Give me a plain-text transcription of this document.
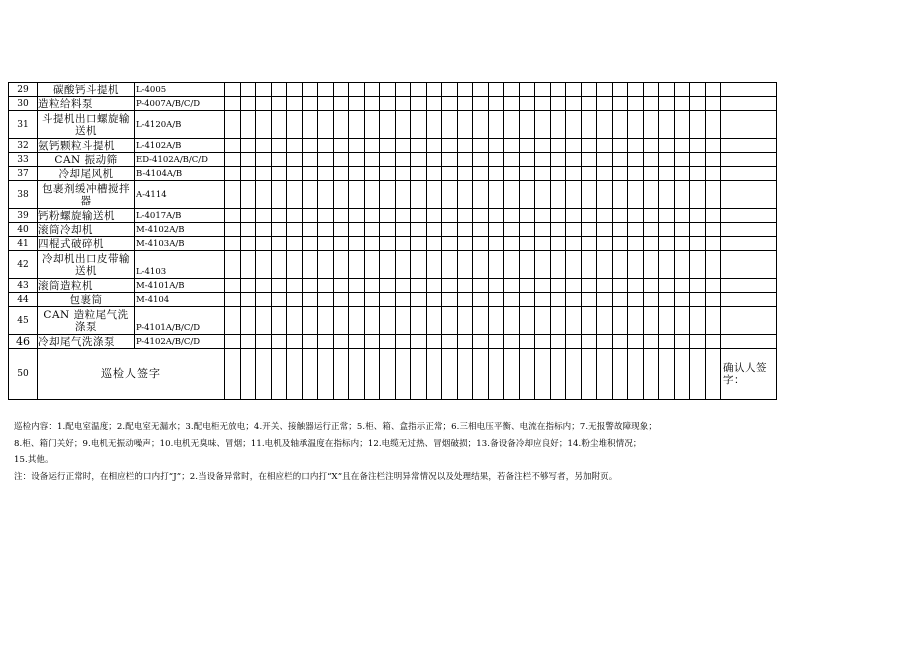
29	碳酸钙斗提机	L-4005																																	
30	造粒给料泵	P-4007A/B/C/D																																	
31	斗提机出口螺旋输送机	L-4120A/B																																	
32	氨钙颗粒斗提机	L-4102A/B																																	
33	CAN 振动筛	ED-4102A/B/C/D																																	
37	冷却尾风机	B-4104A/B																																	
38	包裹剂缓冲槽搅拌器	A-4114																																	
39	钙粉螺旋输送机	L-4017A/B																																	
40	滚筒冷却机	M-4102A/B																																	
41	四棍式破碎机	M-4103A/B																																	
42	冷却机出口皮带输送机	L-4103																																	
43	滚筒造粒机	M-4101A/B																																	
44	包裹筒	M-4104																																	
45	CAN 造粒尾气洗涤泵	P-4101A/B/C/D																																	
46	冷却尾气洗涤泵	P-4102A/B/C/D																																	
50	巡检人签字																																		确认人签字：
巡检内容：1.配电室温度；2.配电室无漏水；3.配电柜无放电；4.开关、接触器运行正常；5.柜、箱、盒指示正常；6.三相电压平衡、电流在指标内；7.无报警故障现象；
8.柜、箱门关好；9.电机无振动噪声；10.电机无臭味、冒烟；11.电机及轴承温度在指标内；12.电缆无过热、冒烟破损；13.备设备冷却应良好；14.粉尘堆积情况；
15.其他。
注：设备运行正常时，在相应栏的口内打“J”；2.当设备异常时，在相应栏的口内打“X”且在备注栏注明异常情况以及处理结果，若备注栏不够写者，另加附页。
